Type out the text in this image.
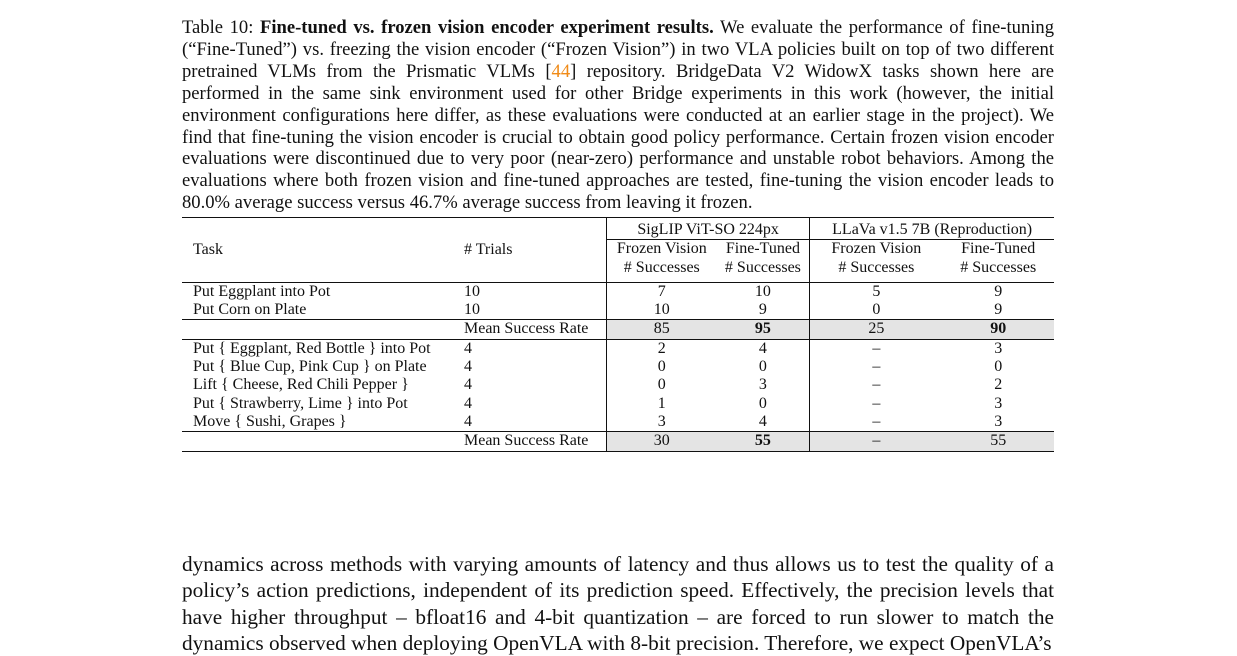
Table 10: Fine-tuned vs. frozen vision encoder experiment results. We evaluate the performance of fine-tuning (“Fine-Tuned”) vs. freezing the vision encoder (“Frozen Vision”) in two VLA policies built on top of two different pretrained VLMs from the Prismatic VLMs [44] repository. BridgeData V2 WidowX tasks shown here are performed in the same sink environment used for other Bridge experiments in this work (however, the initial environment configurations here differ, as these evaluations were conducted at an earlier stage in the project). We find that fine-tuning the vision encoder is crucial to obtain good policy performance. Certain frozen vision encoder evaluations were discontinued due to very poor (near-zero) performance and unstable robot behaviors. Among the evaluations where both frozen vision and fine-tuned approaches are tested, fine-tuning the vision encoder leads to 80.0% average success versus 46.7% average success from leaving it frozen.
Task	# Trials	SigLIP ViT-SO 224px		LLaVa v1.5 7B (Reproduction)	
		Frozen Vision	Fine-Tuned	Frozen Vision	Fine-Tuned
		# Successes	# Successes	# Successes	# Successes
Put Eggplant into Pot	10	7	10	5	9
Put Corn on Plate	10	10	9	0	9
	Mean Success Rate	85	95	25	90
Put { Eggplant, Red Bottle } into Pot	4	2	4	–	3
Put { Blue Cup, Pink Cup } on Plate	4	0	0	–	0
Lift { Cheese, Red Chili Pepper }	4	0	3	–	2
Put { Strawberry, Lime } into Pot	4	1	0	–	3
Move { Sushi, Grapes }	4	3	4	–	3
	Mean Success Rate	30	55	–	55
dynamics across methods with varying amounts of latency and thus allows us to test the quality of a policy’s action predictions, independent of its prediction speed. Effectively, the precision levels that have higher throughput – bfloat16 and 4-bit quantization – are forced to run slower to match the dynamics observed when deploying OpenVLA with 8-bit precision. Therefore, we expect OpenVLA’s
